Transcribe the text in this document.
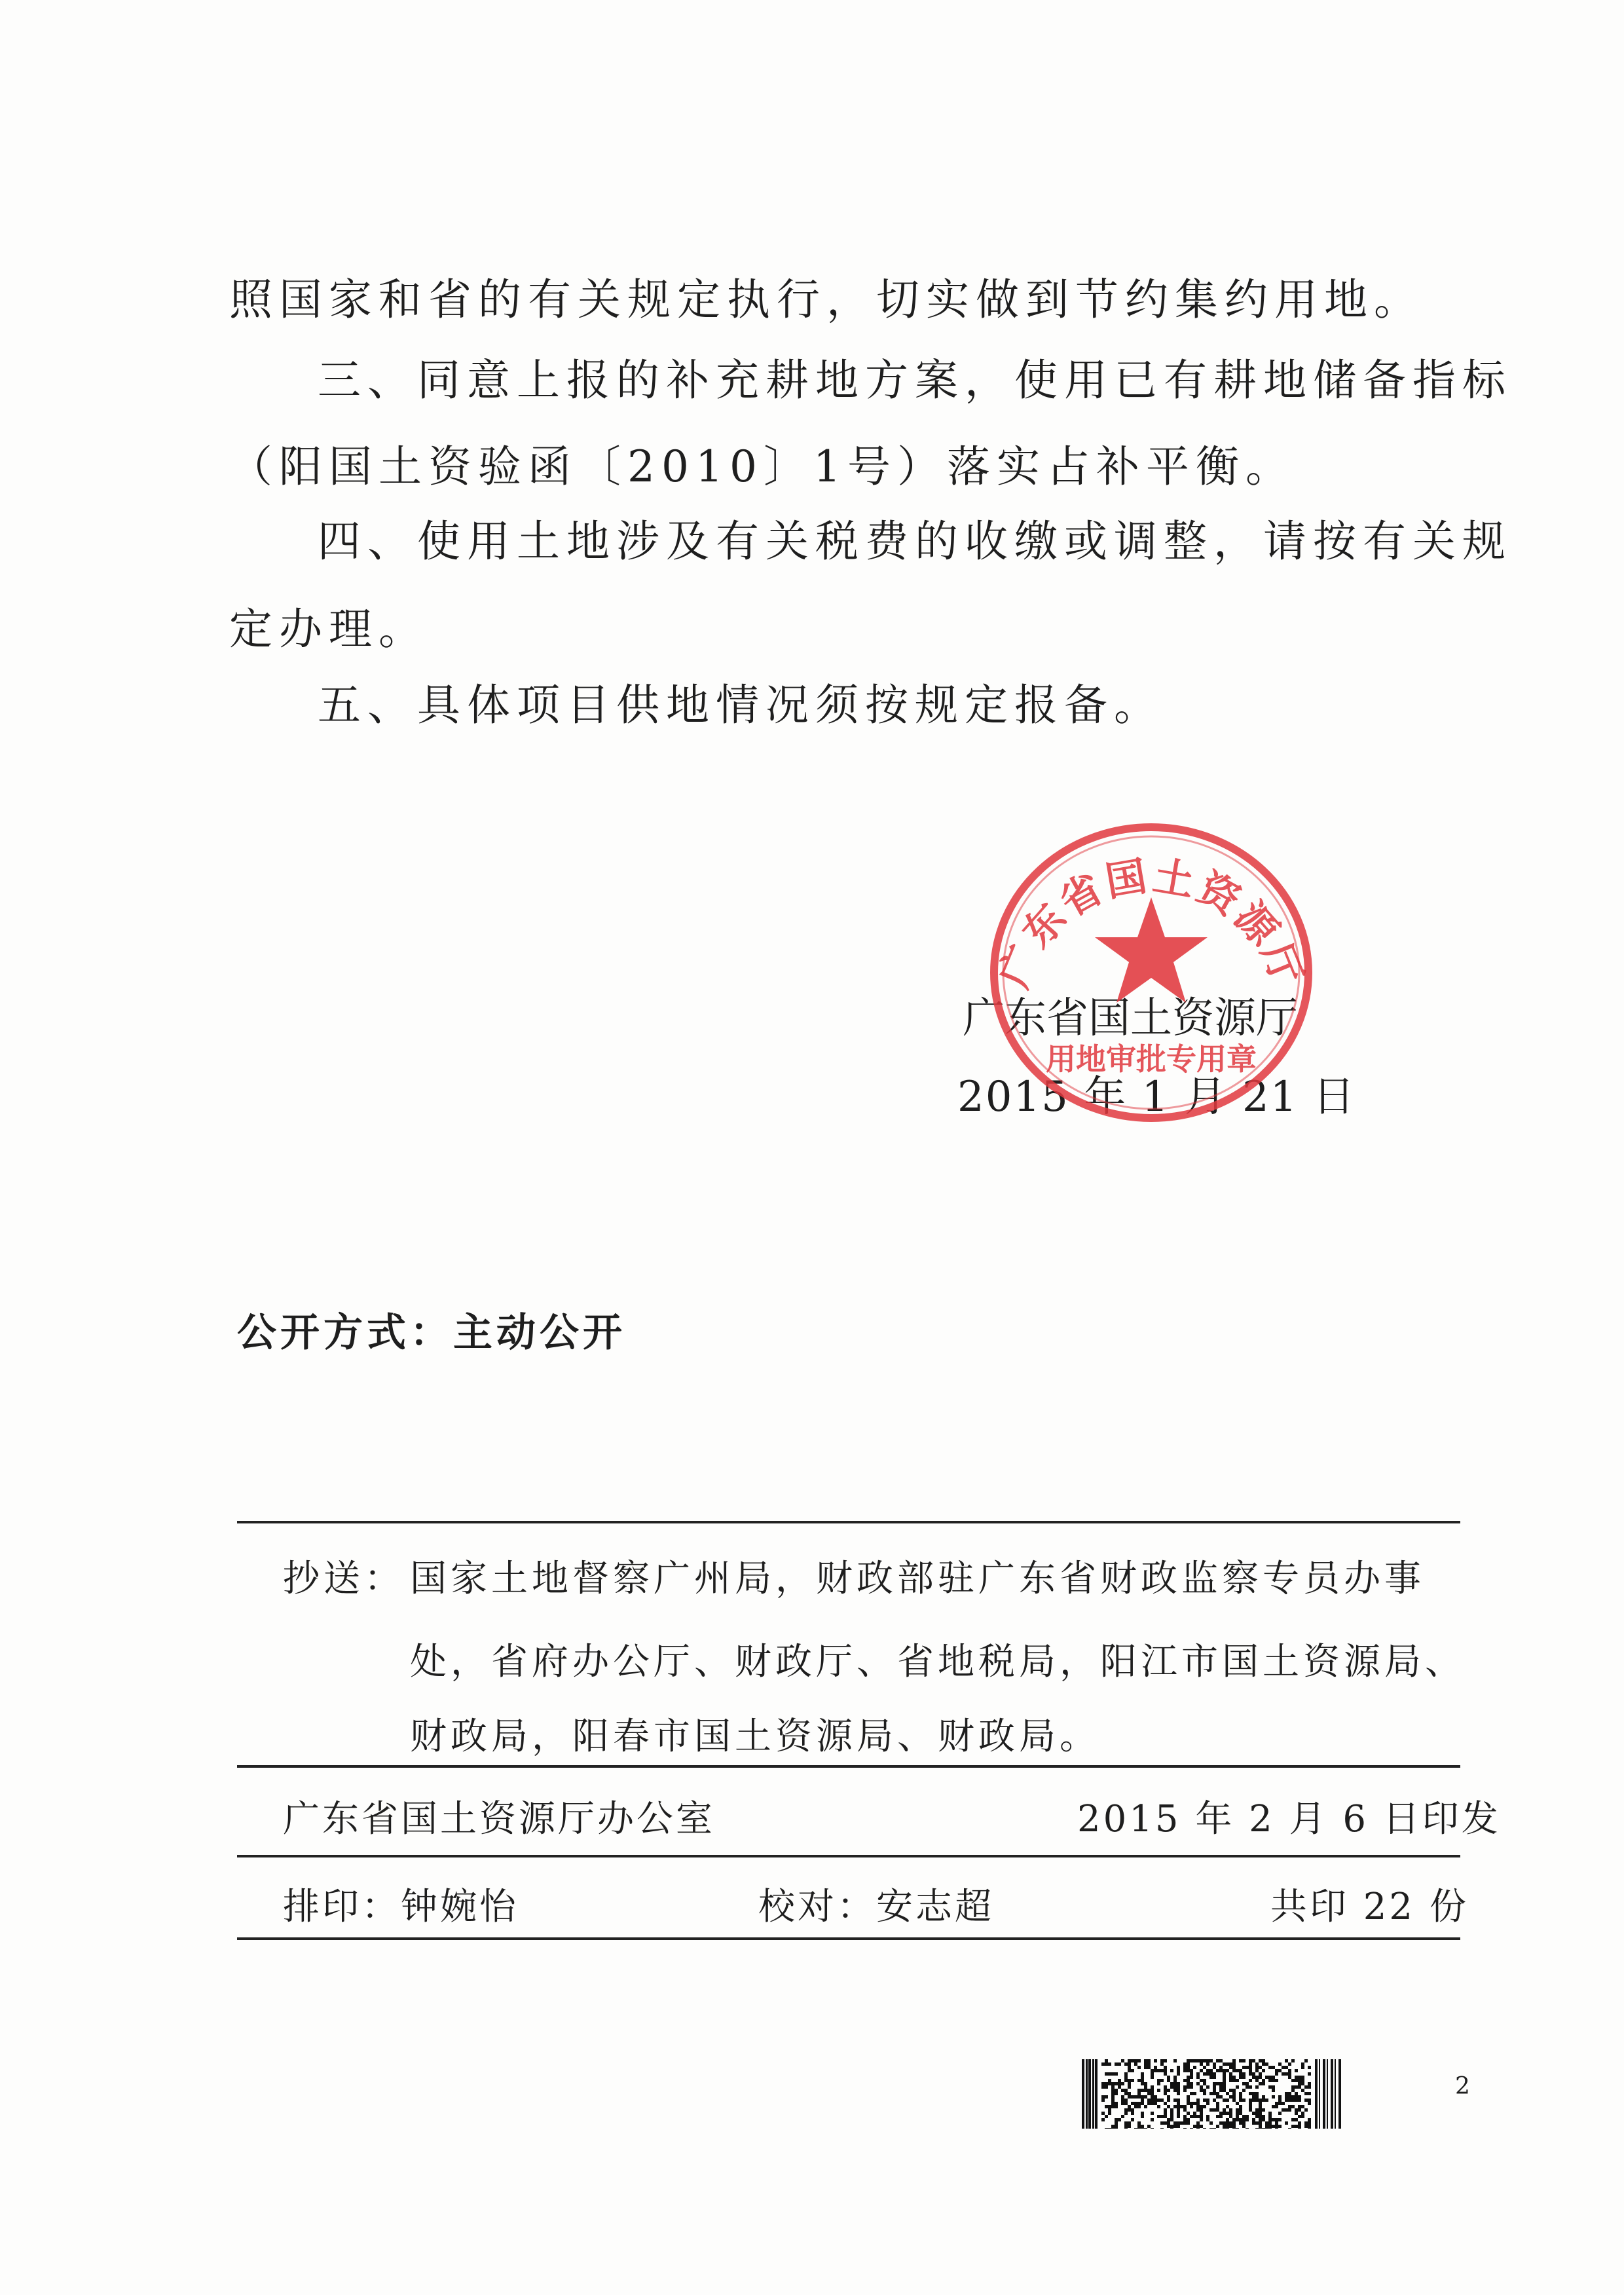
照国家和省的有关规定执行，切实做到节约集约用地。
三、同意上报的补充耕地方案，使用已有耕地储备指标
（阳国土资验函〔2010〕1号）落实占补平衡。
四、使用土地涉及有关税费的收缴或调整，请按有关规
定办理。
五、具体项目供地情况须按规定报备。
广东省国土资源厅
2015 年 1 月 21 日
广东省国土资源厅
用地审批专用章
公开方式：主动公开
抄送： 国家土地督察广州局，财政部驻广东省财政监察专员办事
处，省府办公厅、财政厅、省地税局，阳江市国土资源局、
财政局，阳春市国土资源局、财政局。
广东省国土资源厅办公室	2015 年 2 月 6 日印发
排印：钟婉怡	校对：安志超	共印 22 份
2
